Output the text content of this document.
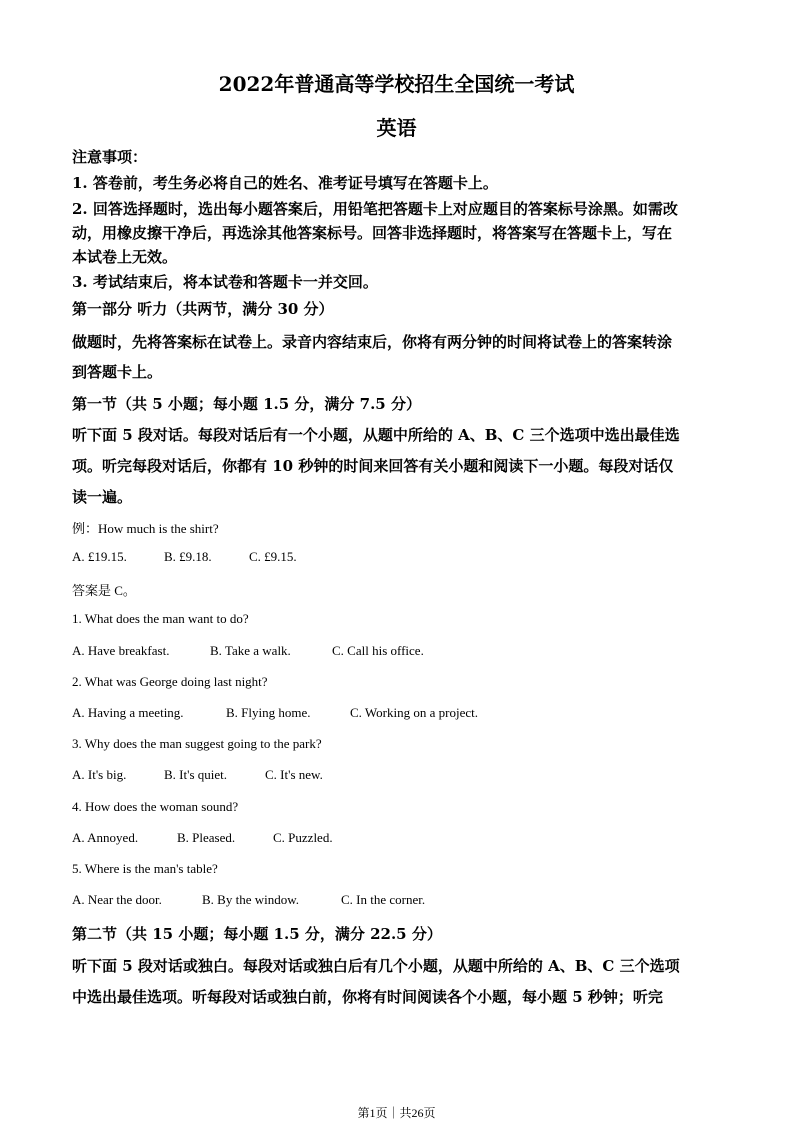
2022年普通高等学校招生全国统一考试
英语
注意事项：
1. 答卷前，考生务必将自己的姓名、准考证号填写在答题卡上。
2. 回答选择题时，选出每小题答案后，用铅笔把答题卡上对应题目的答案标号涂黑。如需改
动，用橡皮擦干净后，再选涂其他答案标号。回答非选择题时，将答案写在答题卡上，写在
本试卷上无效。
3. 考试结束后，将本试卷和答题卡一并交回。
第一部分 听力（共两节，满分 30 分）
做题时，先将答案标在试卷上。录音内容结束后，你将有两分钟的时间将试卷上的答案转涂
到答题卡上。
第一节（共 5 小题；每小题 1.5 分，满分 7.5 分）
听下面 5 段对话。每段对话后有一个小题，从题中所给的 A、B、C 三个选项中选出最佳选
项。听完每段对话后，你都有 10 秒钟的时间来回答有关小题和阅读下一小题。每段对话仅
读一遍。
例：How much is the shirt?
A. £19.15.	B. £9.18.	C. £9.15.
答案是 C。
1. What does the man want to do?
A. Have breakfast.	B. Take a walk.	C. Call his office.
2. What was George doing last night?
A. Having a meeting.	B. Flying home.	C. Working on a project.
3. Why does the man suggest going to the park?
A. It's big.	B. It's quiet.	C. It's new.
4. How does the woman sound?
A. Annoyed.	B. Pleased.	C. Puzzled.
5. Where is the man's table?
A. Near the door.	B. By the window.	C. In the corner.
第二节（共 15 小题；每小题 1.5 分，满分 22.5 分）
听下面 5 段对话或独白。每段对话或独白后有几个小题，从题中所给的 A、B、C 三个选项
中选出最佳选项。听每段对话或独白前，你将有时间阅读各个小题，每小题 5 秒钟；听完
第1页｜共26页
